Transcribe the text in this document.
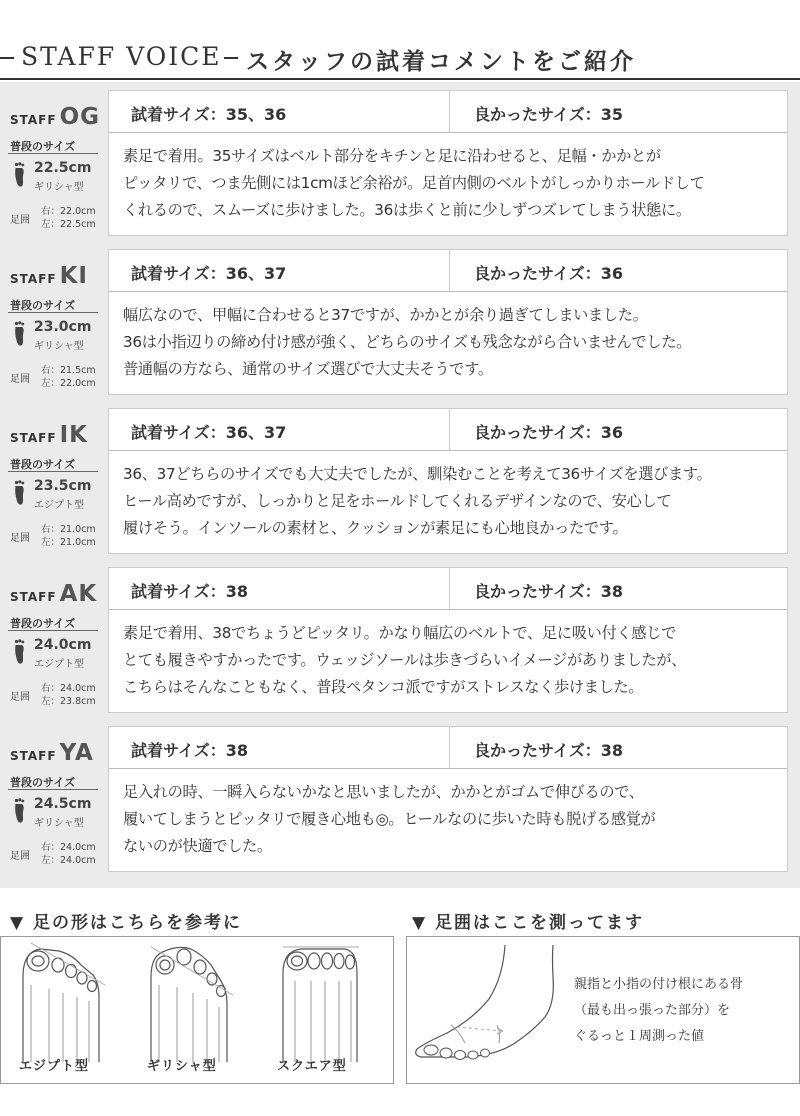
STAFF VOICE スタッフの試着コメントをご紹介
STAFF OG
普段のサイズ
22.5cm
ギリシャ型
足囲
右：22.0cm
左：22.5cm
試着サイズ：35、36	良かったサイズ：35
素足で着用。35サイズはベルト部分をキチンと足に沿わせると、足幅・かかとが
ピッタリで、つま先側には1cmほど余裕が。足首内側のベルトがしっかりホールドして
くれるので、スムーズに歩けました。36は歩くと前に少しずつズレてしまう状態に。
STAFF KI
普段のサイズ
23.0cm
ギリシャ型
足囲
右：21.5cm
左：22.0cm
試着サイズ：36、37	良かったサイズ：36
幅広なので、甲幅に合わせると37ですが、かかとが余り過ぎてしまいました。
36は小指辺りの締め付け感が強く、どちらのサイズも残念ながら合いませんでした。
普通幅の方なら、通常のサイズ選びで大丈夫そうです。
STAFF IK
普段のサイズ
23.5cm
エジプト型
足囲
右：21.0cm
左：21.0cm
試着サイズ：36、37	良かったサイズ：36
36、37どちらのサイズでも大丈夫でしたが、馴染むことを考えて36サイズを選びます。
ヒール高めですが、しっかりと足をホールドしてくれるデザインなので、安心して
履けそう。インソールの素材と、クッションが素足にも心地良かったです。
STAFF AK
普段のサイズ
24.0cm
エジプト型
足囲
右：24.0cm
左：23.8cm
試着サイズ：38	良かったサイズ：38
素足で着用、38でちょうどピッタリ。かなり幅広のベルトで、足に吸い付く感じで
とても履きやすかったです。ウェッジソールは歩きづらいイメージがありましたが、
こちらはそんなこともなく、普段ペタンコ派ですがストレスなく歩けました。
STAFF YA
普段のサイズ
24.5cm
ギリシャ型
足囲
右：24.0cm
左：24.0cm
試着サイズ：38	良かったサイズ：38
足入れの時、一瞬入らないかなと思いましたが、かかとがゴムで伸びるので、
履いてしまうとピッタリで履き心地も◎。ヒールなのに歩いた時も脱げる感覚が
ないのが快適でした。
▼ 足の形はこちらを参考に
エジプト型	ギリシャ型	スクエア型
▼ 足囲はここを測ってます
親指と小指の付け根にある骨
（最も出っ張った部分）を
ぐるっと１周測った値
